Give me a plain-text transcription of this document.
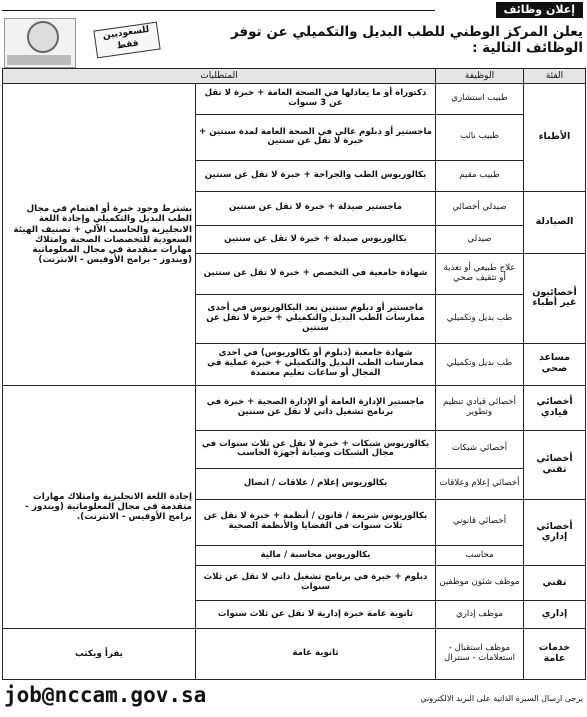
إعلان وظائف
للسعوديين فقط
يعلن المركز الوطني للطب البديل والتكميلي عن توفر الوظائف التالية :
الفئة	الوظيفة	المتطلبات	
الأطباء	طبيب استشاري	دكتوراه أو ما يعادلها في الصحة العامة + خبرة لا تقل عن 3 سنوات	يشترط وجود خبرة أو اهتمام في مجال الطب البديل والتكميلي وإجادة اللغة الانجليزية والحاسب الآلي + تصنيف الهيئة السعودية للتخصصات الصحية وامتلاك مهارات متقدمة في مجال المعلوماتية (ويندوز - برامج الأوفيس - الانترنت)
	طبيب نائب	ماجستير أو دبلوم عالي في الصحة العامة لمدة سنتين + خبرة لا تقل عن سنتين	
	طبيب مقيم	بكالوريوس الطب والجراحة + خبرة لا تقل عن سنتين	
الصيادلة	صيدلي أخصائي	ماجستير صيدلة + خبرة لا تقل عن سنتين	
	صيدلي	بكالوريوس صيدلة + خبرة لا تقل عن سنتين	
أخصائيون غير أطباء	علاج طبيعي أو تغذية أو تثقيف صحي	شهادة جامعية في التخصص + خبرة لا تقل عن سنتين	
	طب بديل وتكميلي	ماجستير أو دبلوم سنتين بعد البكالوريوس في أحدى ممارسات الطب البديل والتكميلي + خبرة لا تقل عن سنتين	
مساعد صحي	طب بديل وتكميلي	شهادة جامعية (دبلوم أو بكالوريوس) في احدى ممارسات الطب البديل والتكميلي + خبرة عملية في المجال أو ساعات تعليم معتمدة	
أخصائي قيادي	أخصائي قيادي تنظيم وتطوير	ماجستير الإدارة العامة أو الإدارة الصحية + خبرة في برنامج تشغيل ذاتي لا تقل عن سنتين	إجادة اللغة الانجليزية وامتلاك مهارات متقدمة في مجال المعلوماتية (ويندوز - برامج الأوفيس - الانترنت).
أخصائي تقني	أخصائي شبكات	بكالوريوس شبكات + خبرة لا تقل عن ثلاث سنوات في مجال الشبكات وصيانة أجهزة الحاسب	
	أخصائي إعلام وعلاقات	بكالوريوس إعلام / علاقات / اتصال	
أخصائي إداري	أخصائي قانوني	بكالوريوس شريعة / قانون / أنظمة + خبرة لا تقل عن ثلاث سنوات في القضايا والأنظمة الصحية	
	محاسب	بكالوريوس محاسبة / مالية	
تقني	موظف شئون موظفين	دبلوم + خبرة في برنامج تشغيل ذاتي لا تقل عن ثلاث سنوات	
إداري	موظف إداري	ثانوية عامة خبرة إدارية لا تقل عن ثلاث سنوات	
خدمات عامة	موظف استقبال - استعلامات - سنترال	ثانوية عامة	يقرأ ويكتب
job@nccam.gov.sa	يرجى ارسال السيرة الذاتية على البريد الالكتروني
